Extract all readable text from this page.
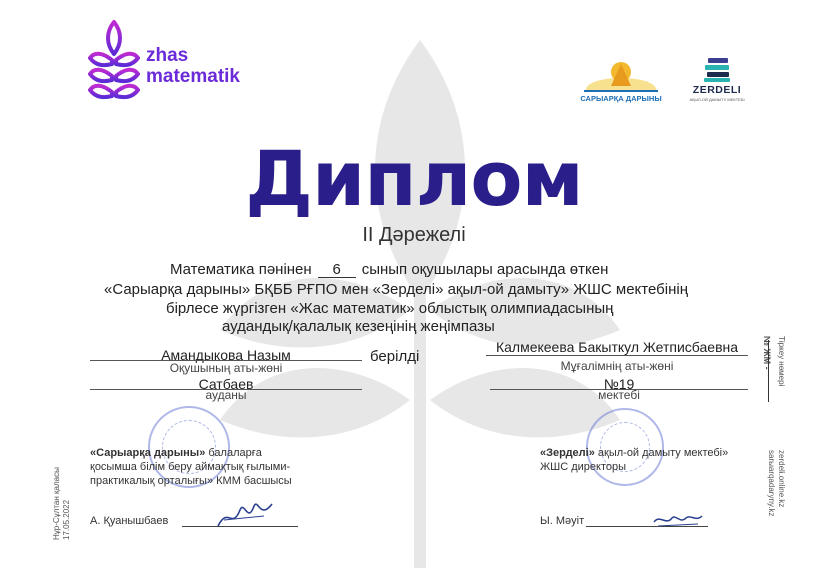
zhas
matematik
САРЫАРҚА ДАРЫНЫ
ZERDELI
АҚЫЛ-ОЙ ДАМЫТУ МЕКТЕБІ
Диплом
II Дәрежелі
Математика пәнінен 6 сынып оқушылары арасында өткен
«Сарыарқа дарыны» БҚББ РҒПО мен «Зерделі» ақыл-ой дамыту» ЖШС мектебінің
бірлесе жүргізген «Жас математик» облыстық олимпиадасының
аудандық/қалалық кезеңінің жеңімпазы
Амандыкова Назым
Оқушының аты-жөні
берілді
Калмекеева Бакыткул Жетписбаевна
Мұғалімнің аты-жөні
Сатбаев
ауданы
№19
мектебі
«Сарыарқа дарыны» балаларға
қосымша білім беру аймақтық ғылыми-
практикалық орталығы» КММ басшысы
А. Қуанышбаев
«Зерделі» ақыл-ой дамыту мектебі»
ЖШС директоры
Ы. Мәуіт
Нұр-Сұлтан қаласы 17.05.2022
Тіркеу нөмері
№ ЖМ -
zerdeli.online.kz
sarыarqadaryny.kz
